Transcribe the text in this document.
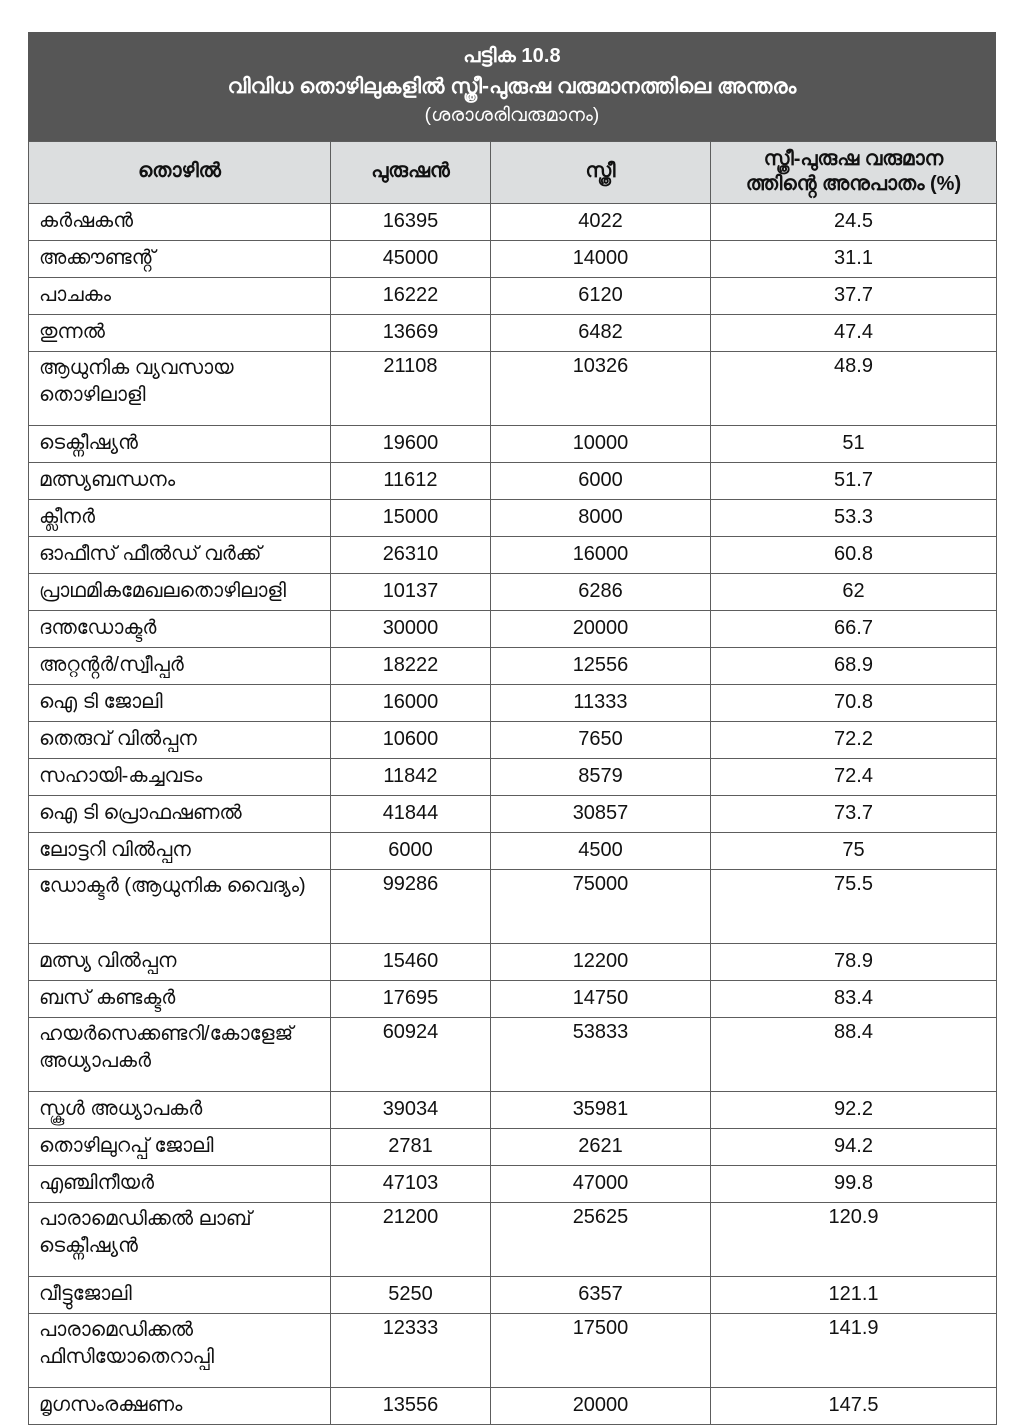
പട്ടിക 10.8
വിവിധ തൊഴിലുകളിൽ സ്ത്രീ-പുരുഷ വരുമാനത്തിലെ അന്തരം
(ശരാശരിവരുമാനം)
തൊഴിൽ	പുരുഷൻ	സ്ത്രീ	സ്ത്രീ-പുരുഷ വരുമാന
ത്തിൻ്റെ അനുപാതം (%)
കർഷകൻ	16395	4022	24.5
അക്കൗണ്ടൻ്റ്	45000	14000	31.1
പാചകം	16222	6120	37.7
തുന്നൽ	13669	6482	47.4
ആധുനിക വ്യവസായ തൊഴിലാളി	21108	10326	48.9
ടെക്നീഷ്യൻ	19600	10000	51
മത്സ്യബന്ധനം	11612	6000	51.7
ക്ലീനർ	15000	8000	53.3
ഓഫീസ് ഫീൽഡ് വർക്ക്	26310	16000	60.8
പ്രാഥമികമേഖലതൊഴിലാളി	10137	6286	62
ദന്തഡോക്ടർ	30000	20000	66.7
അറ്റൻ്റർ/സ്വീപ്പർ	18222	12556	68.9
ഐ ടി ജോലി	16000	11333	70.8
തെരുവ് വിൽപ്പന	10600	7650	72.2
സഹായി-കച്ചവടം	11842	8579	72.4
ഐ ടി പ്രൊഫഷണൽ	41844	30857	73.7
ലോട്ടറി വിൽപ്പന	6000	4500	75
ഡോക്ടർ (ആധുനിക വൈദ്യം)	99286	75000	75.5
മത്സ്യ വിൽപ്പന	15460	12200	78.9
ബസ് കണ്ടക്ടർ	17695	14750	83.4
ഹയർസെക്കണ്ടറി/കോളേജ് അധ്യാപകർ	60924	53833	88.4
സ്കൂൾ അധ്യാപകർ	39034	35981	92.2
തൊഴിലുറപ്പ് ജോലി	2781	2621	94.2
എഞ്ചിനീയർ	47103	47000	99.8
പാരാമെഡിക്കൽ ലാബ് ടെക്നീഷ്യൻ	21200	25625	120.9
വീട്ടുജോലി	5250	6357	121.1
പാരാമെഡിക്കൽ ഫിസിയോതെറാപ്പി	12333	17500	141.9
മൃഗസംരക്ഷണം	13556	20000	147.5
